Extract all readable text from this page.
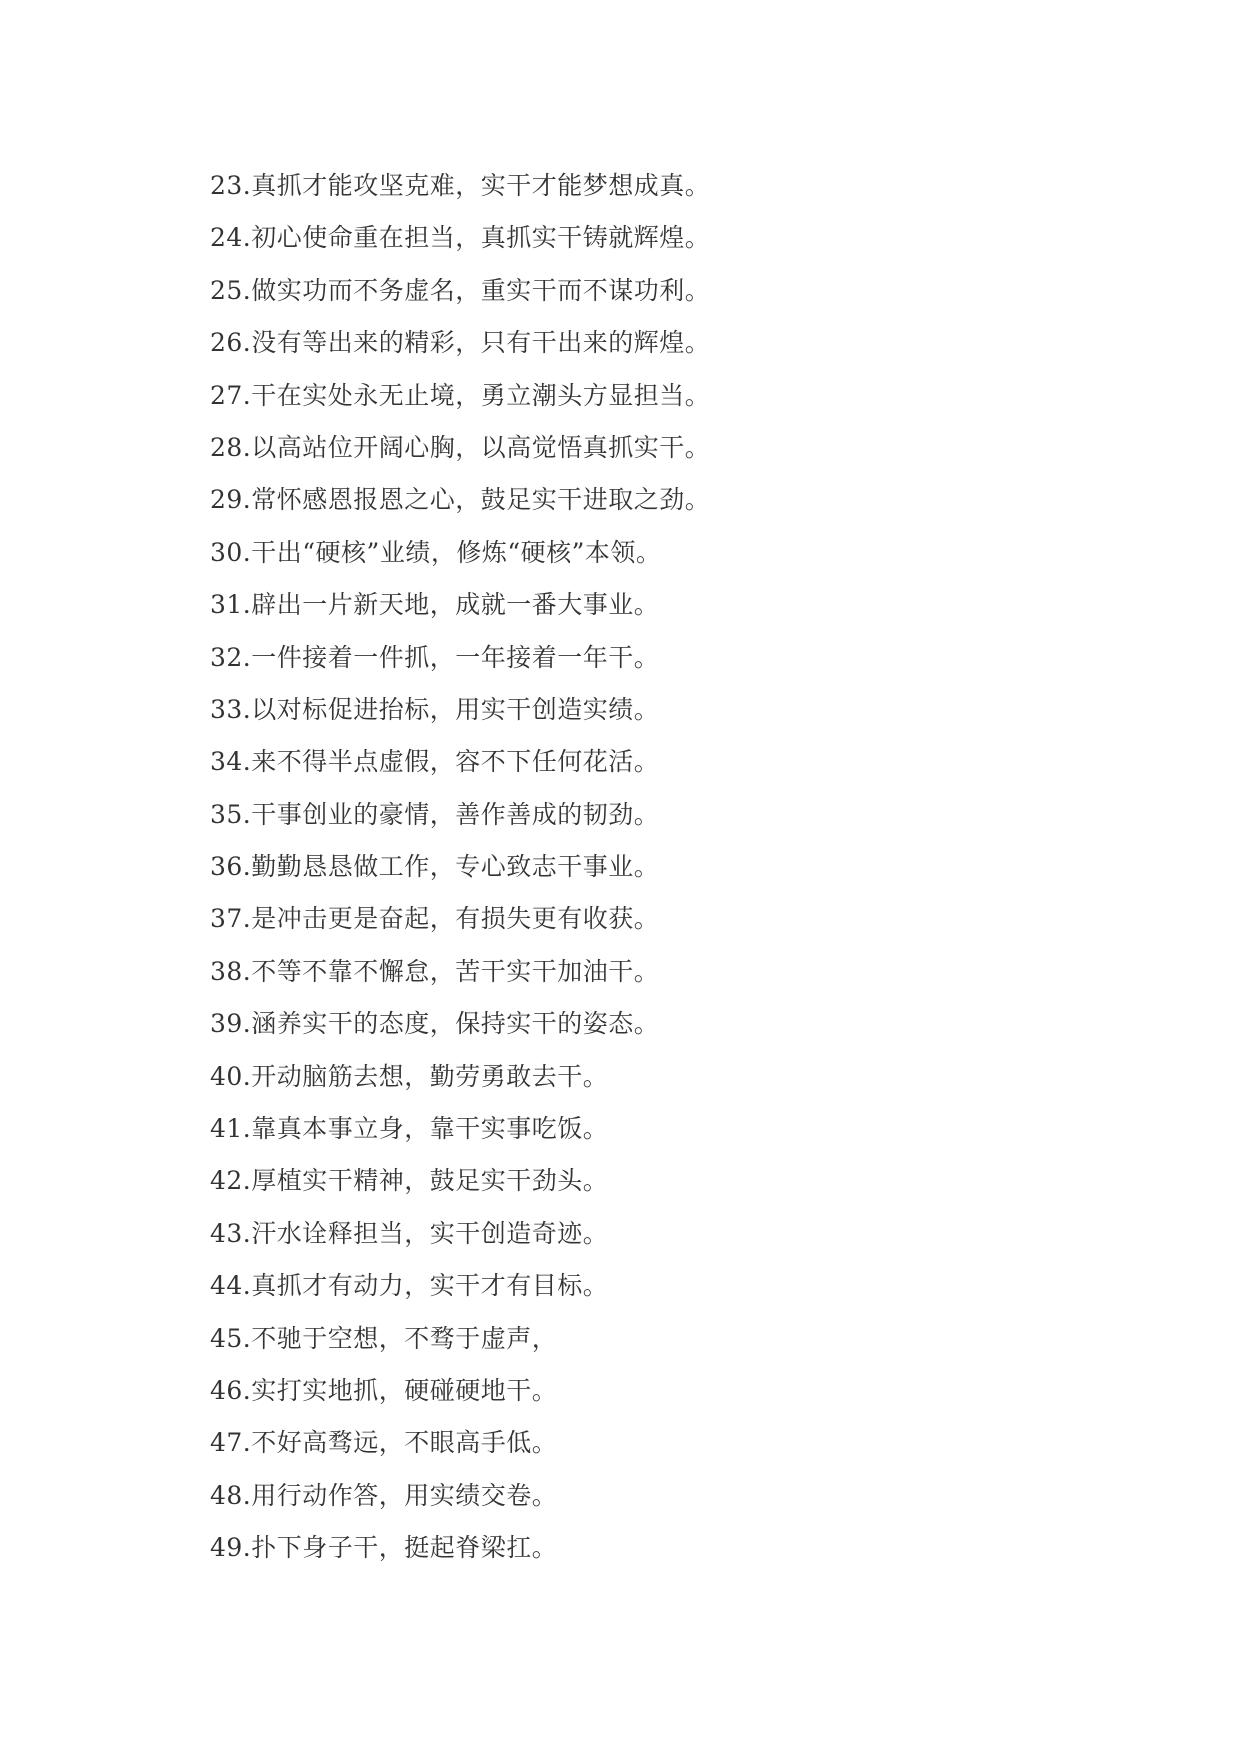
23.真抓才能攻坚克难，实干才能梦想成真。
24.初心使命重在担当，真抓实干铸就辉煌。
25.做实功而不务虚名，重实干而不谋功利。
26.没有等出来的精彩，只有干出来的辉煌。
27.干在实处永无止境，勇立潮头方显担当。
28.以高站位开阔心胸，以高觉悟真抓实干。
29.常怀感恩报恩之心，鼓足实干进取之劲。
30.干出“硬核”业绩，修炼“硬核”本领。
31.辟出一片新天地，成就一番大事业。
32.一件接着一件抓，一年接着一年干。
33.以对标促进抬标，用实干创造实绩。
34.来不得半点虚假，容不下任何花活。
35.干事创业的豪情，善作善成的韧劲。
36.勤勤恳恳做工作，专心致志干事业。
37.是冲击更是奋起，有损失更有收获。
38.不等不靠不懈怠，苦干实干加油干。
39.涵养实干的态度，保持实干的姿态。
40.开动脑筋去想，勤劳勇敢去干。
41.靠真本事立身，靠干实事吃饭。
42.厚植实干精神，鼓足实干劲头。
43.汗水诠释担当，实干创造奇迹。
44.真抓才有动力，实干才有目标。
45.不驰于空想，不骛于虚声，
46.实打实地抓，硬碰硬地干。
47.不好高骛远，不眼高手低。
48.用行动作答，用实绩交卷。
49.扑下身子干，挺起脊梁扛。
